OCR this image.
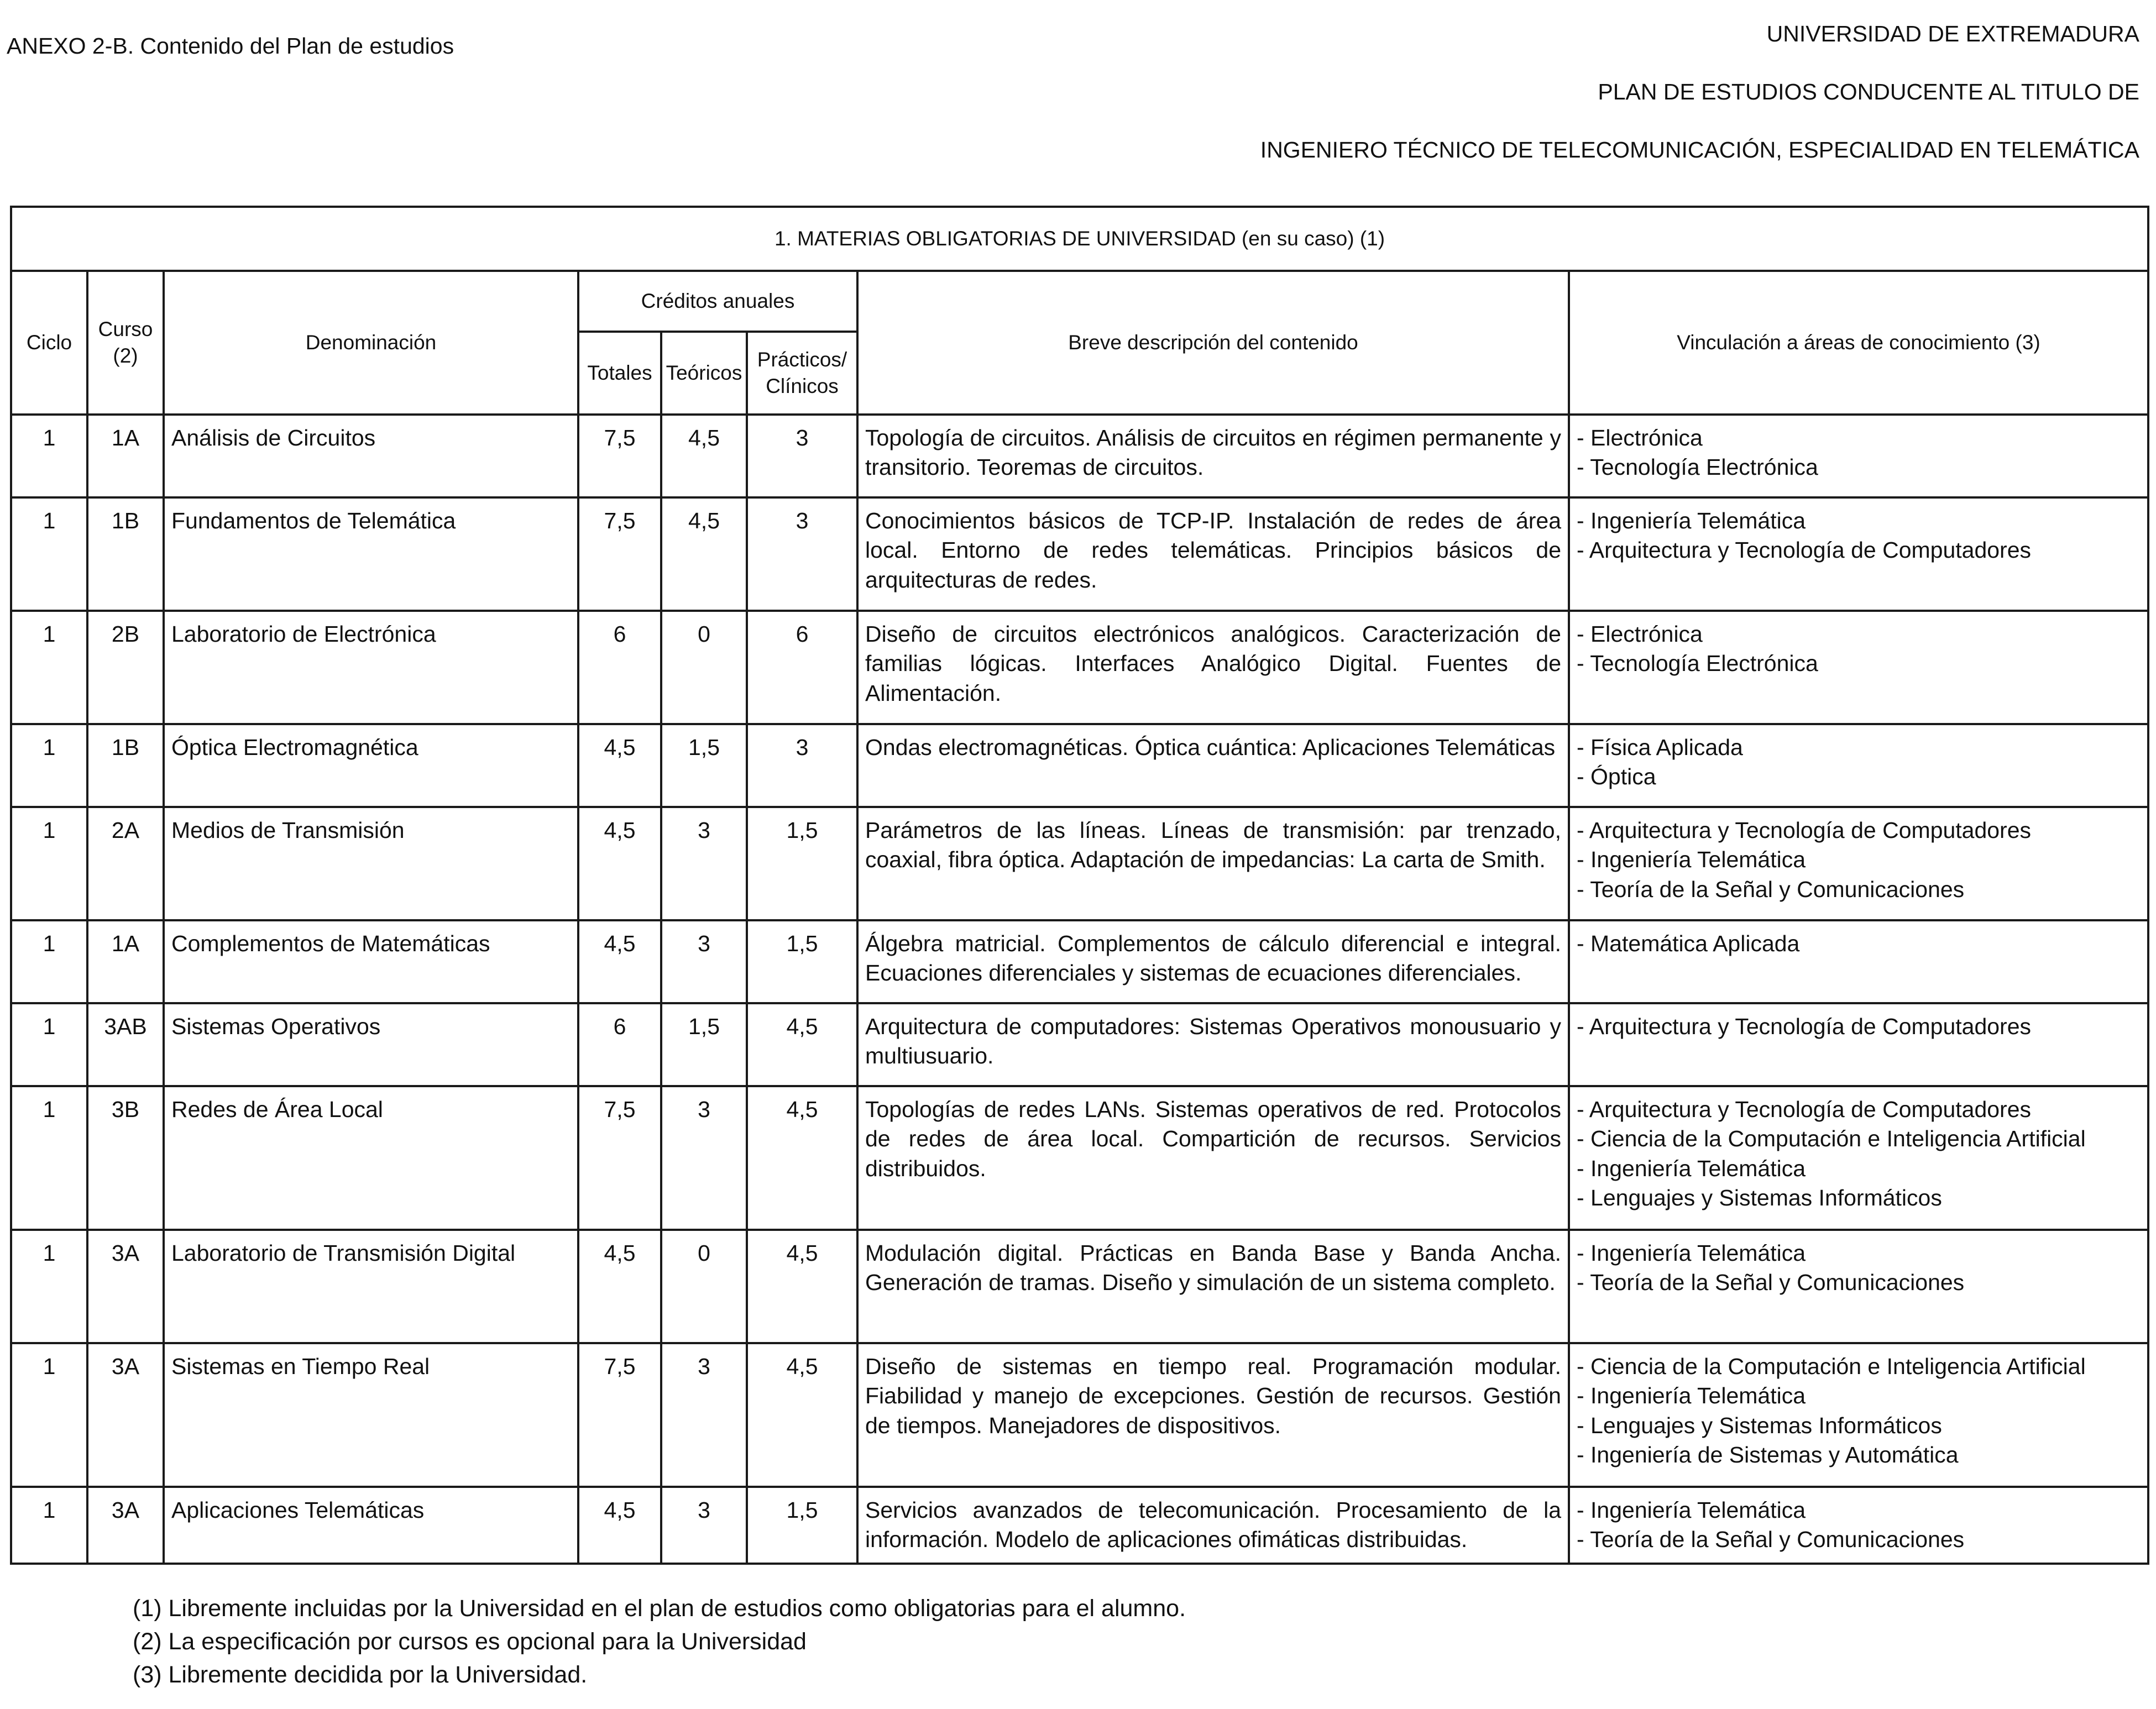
ANEXO 2-B. Contenido del Plan de estudios	UNIVERSIDAD DE EXTREMADURA
PLAN DE ESTUDIOS CONDUCENTE AL TITULO DE
INGENIERO TÉCNICO DE TELECOMUNICACIÓN, ESPECIALIDAD EN TELEMÁTICA
1. MATERIAS OBLIGATORIAS DE UNIVERSIDAD (en su caso) (1)							
Ciclo	Curso (2)	Denominación	Créditos anuales			Breve descripción del contenido	Vinculación a áreas de conocimiento (3)
			Totales	Teóricos	Prácticos/ Clínicos		
1	1A	Análisis de Circuitos	7,5	4,5	3	Topología de circuitos. Análisis de circuitos en régimen permanente y transitorio. Teoremas de circuitos.	- Electrónica
- Tecnología Electrónica

1	1B	Fundamentos de Telemática	7,5	4,5	3	Conocimientos básicos de TCP-IP. Instalación de redes de área local. Entorno de redes telemáticas. Principios básicos de arquitecturas de redes.	- Ingeniería Telemática
- Arquitectura y Tecnología de Computadores

1	2B	Laboratorio de Electrónica	6	0	6	Diseño de circuitos electrónicos analógicos. Caracterización de familias lógicas. Interfaces Analógico Digital. Fuentes de Alimentación.	- Electrónica
- Tecnología Electrónica

1	1B	Óptica Electromagnética	4,5	1,5	3	Ondas electromagnéticas. Óptica cuántica: Aplicaciones Telemáticas	- Física Aplicada
- Óptica

1	2A	Medios de Transmisión	4,5	3	1,5	Parámetros de las líneas. Líneas de transmisión: par trenzado, coaxial, fibra óptica. Adaptación de impedancias: La carta de Smith.	- Arquitectura y Tecnología de Computadores
- Ingeniería Telemática
- Teoría de la Señal y Comunicaciones

1	1A	Complementos de Matemáticas	4,5	3	1,5	Álgebra matricial. Complementos de cálculo diferencial e integral. Ecuaciones diferenciales y sistemas de ecuaciones diferenciales.	- Matemática Aplicada

1	3AB	Sistemas Operativos	6	1,5	4,5	Arquitectura de computadores: Sistemas Operativos monousuario y multiusuario.	- Arquitectura y Tecnología de Computadores

1	3B	Redes de Área Local	7,5	3	4,5	Topologías de redes LANs. Sistemas operativos de red. Protocolos de redes de área local. Compartición de recursos. Servicios distribuidos.	- Arquitectura y Tecnología de Computadores
- Ciencia de la Computación e Inteligencia Artificial
- Ingeniería Telemática
- Lenguajes y Sistemas Informáticos

1	3A	Laboratorio de Transmisión Digital	4,5	0	4,5	Modulación digital. Prácticas en Banda Base y Banda Ancha. Generación de tramas. Diseño y simulación de un sistema completo.	- Ingeniería Telemática
- Teoría de la Señal y Comunicaciones

1	3A	Sistemas en Tiempo Real	7,5	3	4,5	Diseño de sistemas en tiempo real. Programación modular. Fiabilidad y manejo de excepciones. Gestión de recursos. Gestión de tiempos. Manejadores de dispositivos.	- Ciencia de la Computación e Inteligencia Artificial
- Ingeniería Telemática
- Lenguajes y Sistemas Informáticos
- Ingeniería de Sistemas y Automática

1	3A	Aplicaciones Telemáticas	4,5	3	1,5	Servicios avanzados de telecomunicación. Procesamiento de la información. Modelo de aplicaciones ofimáticas distribuidas.	- Ingeniería Telemática
- Teoría de la Señal y Comunicaciones
(1) Libremente incluidas por la Universidad en el plan de estudios como obligatorias para el alumno.
(2) La especificación por cursos es opcional para la Universidad
(3) Libremente decidida por la Universidad.
